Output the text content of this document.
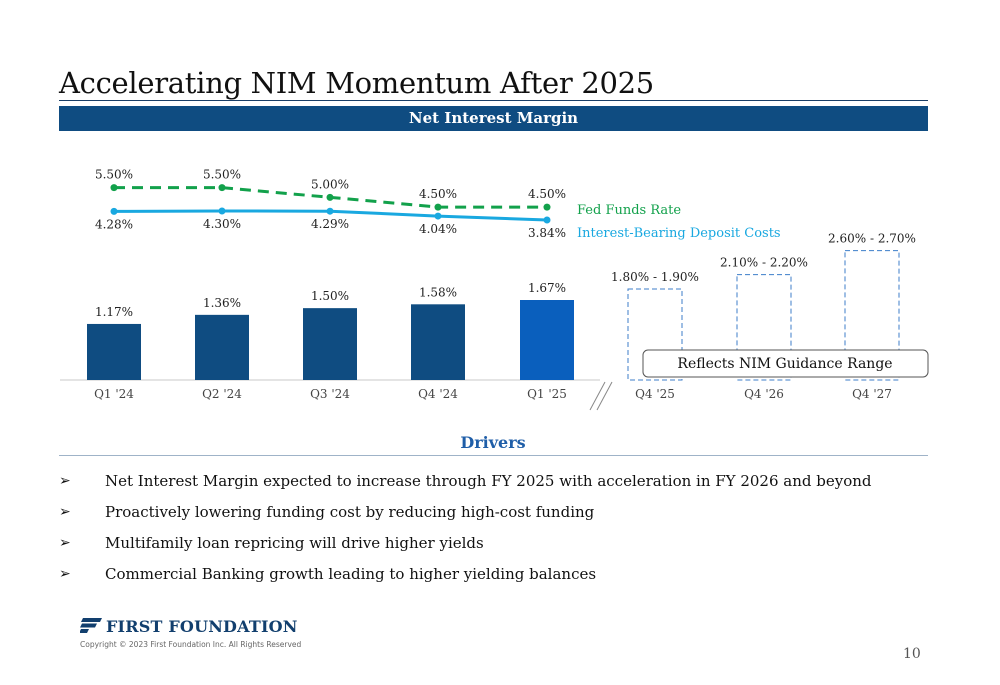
Accelerating NIM Momentum After 2025
Net Interest Margin
1.17%
Q1 '24
1.36%
Q2 '24
1.50%
Q3 '24
1.58%
Q4 '24
1.67%
Q1 '25
1.80% - 1.90%
Q4 '25
2.10% - 2.20%
Q4 '26
2.60% - 2.70%
Q4 '27
Reflects NIM Guidance Range
5.50%	5.50%
5.00%
4.50%	4.50%
4.28%	4.30%	4.29%	4.04%	3.84%
Fed Funds Rate
Interest-Bearing Deposit Costs
Drivers
➢ Net Interest Margin expected to increase through FY 2025 with acceleration in FY 2026 and beyond
➢ Proactively lowering funding cost by reducing high-cost funding
➢ Multifamily loan repricing will drive higher yields
➢ Commercial Banking growth leading to higher yielding balances
FIRST FOUNDATION
Copyright © 2023 First Foundation Inc. All Rights Reserved
10
